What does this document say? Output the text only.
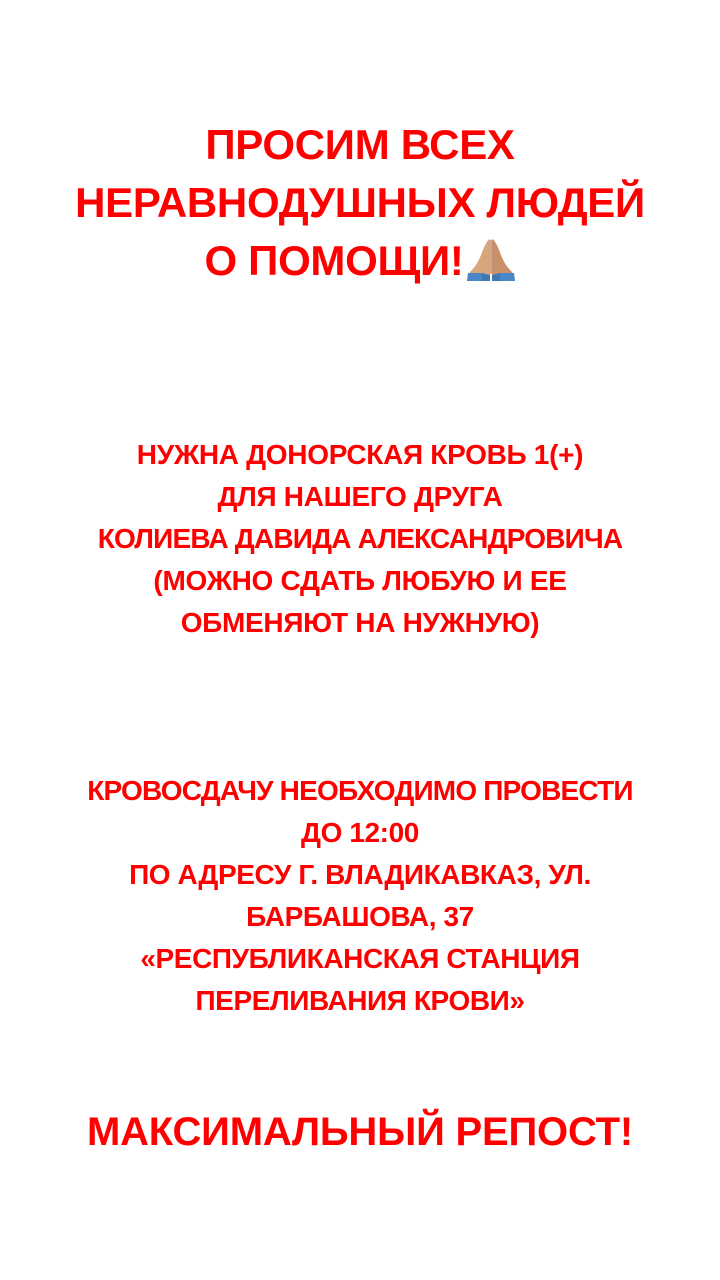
ПРОСИМ ВСЕХ
НЕРАВНОДУШНЫХ ЛЮДЕЙ
О ПОМОЩИ!
НУЖНА ДОНОРСКАЯ КРОВЬ 1(+)
ДЛЯ НАШЕГО ДРУГА
КОЛИЕВА ДАВИДА АЛЕКСАНДРОВИЧА
(МОЖНО СДАТЬ ЛЮБУЮ И ЕЕ
ОБМЕНЯЮТ НА НУЖНУЮ)
КРОВОСДАЧУ НЕОБХОДИМО ПРОВЕСТИ
ДО 12:00
ПО АДРЕСУ Г. ВЛАДИКАВКАЗ, УЛ.
БАРБАШОВА, 37
«РЕСПУБЛИКАНСКАЯ СТАНЦИЯ
ПЕРЕЛИВАНИЯ КРОВИ»
МАКСИМАЛЬНЫЙ РЕПОСТ!
